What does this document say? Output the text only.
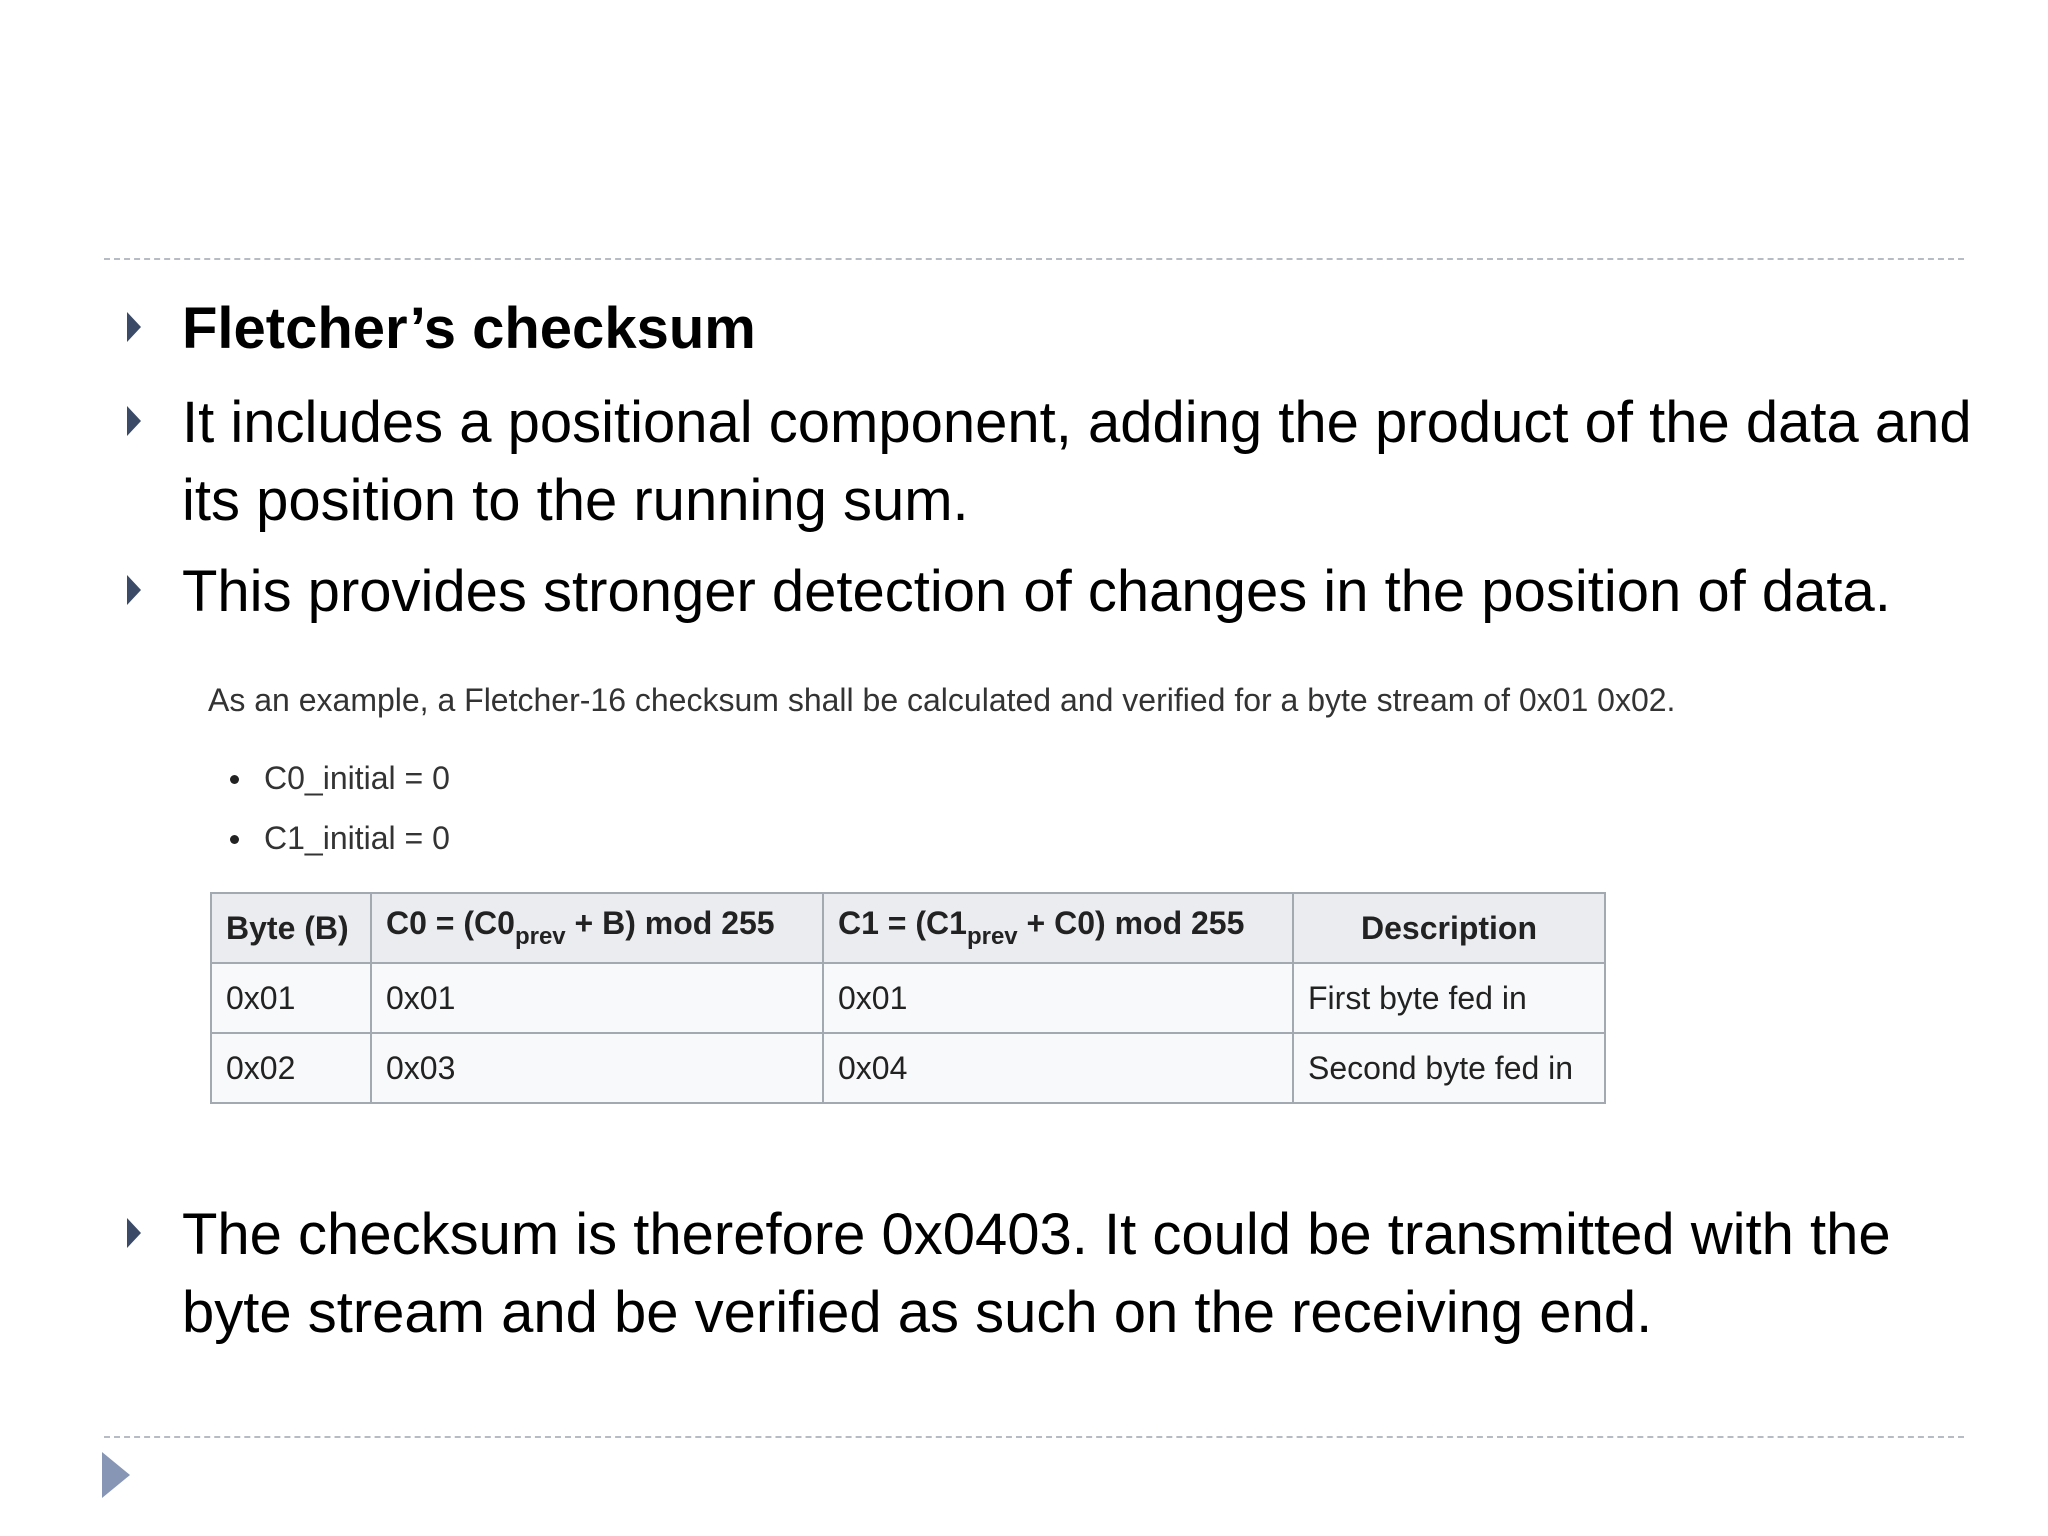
Fletcher’s checksum
It includes a positional component, adding the product of the data and its position to the running sum.
This provides stronger detection of changes in the position of data.

As an example, a Fletcher-16 checksum shall be calculated and verified for a byte stream of 0x01 0x02.

C0_initial = 0
C1_initial = 0
Byte (B)	$C0 = (C0_{prev} + B)$ mod 255	$C1 = (C1_{prev} + C0)$ mod 255	Description
0x01	0x01	0x01	First byte fed in
0x02	0x03	0x04	Second byte fed in
The checksum is therefore 0x0403. It could be transmitted with the byte stream and be verified as such on the receiving end.
